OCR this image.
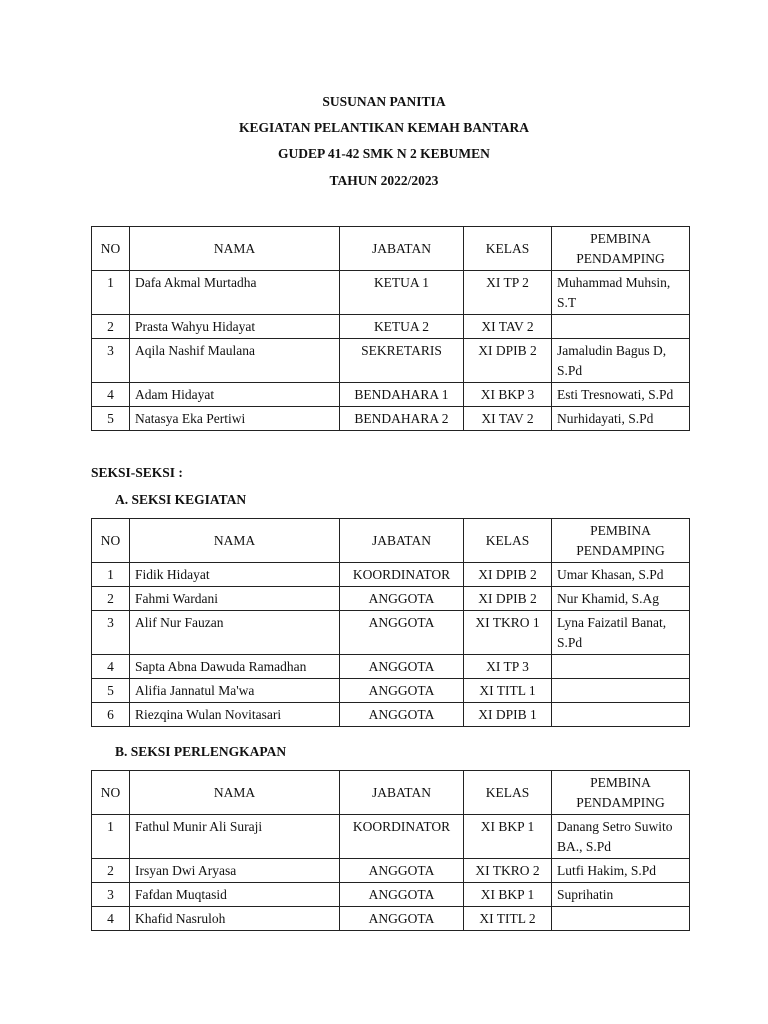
SUSUNAN PANITIA
KEGIATAN PELANTIKAN KEMAH BANTARA
GUDEP 41-42 SMK N 2 KEBUMEN
TAHUN 2022/2023
NO	NAMA	JABATAN	KELAS	PEMBINA PENDAMPING
1	Dafa Akmal Murtadha	KETUA 1	XI TP 2	Muhammad Muhsin, S.T
2	Prasta Wahyu Hidayat	KETUA 2	XI TAV 2	
3	Aqila Nashif Maulana	SEKRETARIS	XI DPIB 2	Jamaludin Bagus D, S.Pd
4	Adam Hidayat	BENDAHARA 1	XI BKP 3	Esti Tresnowati, S.Pd
5	Natasya Eka Pertiwi	BENDAHARA 2	XI TAV 2	Nurhidayati, S.Pd
SEKSI-SEKSI :
A. SEKSI KEGIATAN
NO	NAMA	JABATAN	KELAS	PEMBINA PENDAMPING
1	Fidik Hidayat	KOORDINATOR	XI DPIB 2	Umar Khasan, S.Pd
2	Fahmi Wardani	ANGGOTA	XI DPIB 2	Nur Khamid, S.Ag
3	Alif Nur Fauzan	ANGGOTA	XI TKRO 1	Lyna Faizatil Banat, S.Pd
4	Sapta Abna Dawuda Ramadhan	ANGGOTA	XI TP 3	
5	Alifia Jannatul Ma'wa	ANGGOTA	XI TITL 1	
6	Riezqina Wulan Novitasari	ANGGOTA	XI DPIB 1	
B. SEKSI PERLENGKAPAN
NO	NAMA	JABATAN	KELAS	PEMBINA PENDAMPING
1	Fathul Munir Ali Suraji	KOORDINATOR	XI BKP 1	Danang Setro Suwito BA., S.Pd
2	Irsyan Dwi Aryasa	ANGGOTA	XI TKRO 2	Lutfi Hakim, S.Pd
3	Fafdan Muqtasid	ANGGOTA	XI BKP 1	Suprihatin
4	Khafid Nasruloh	ANGGOTA	XI TITL 2	
